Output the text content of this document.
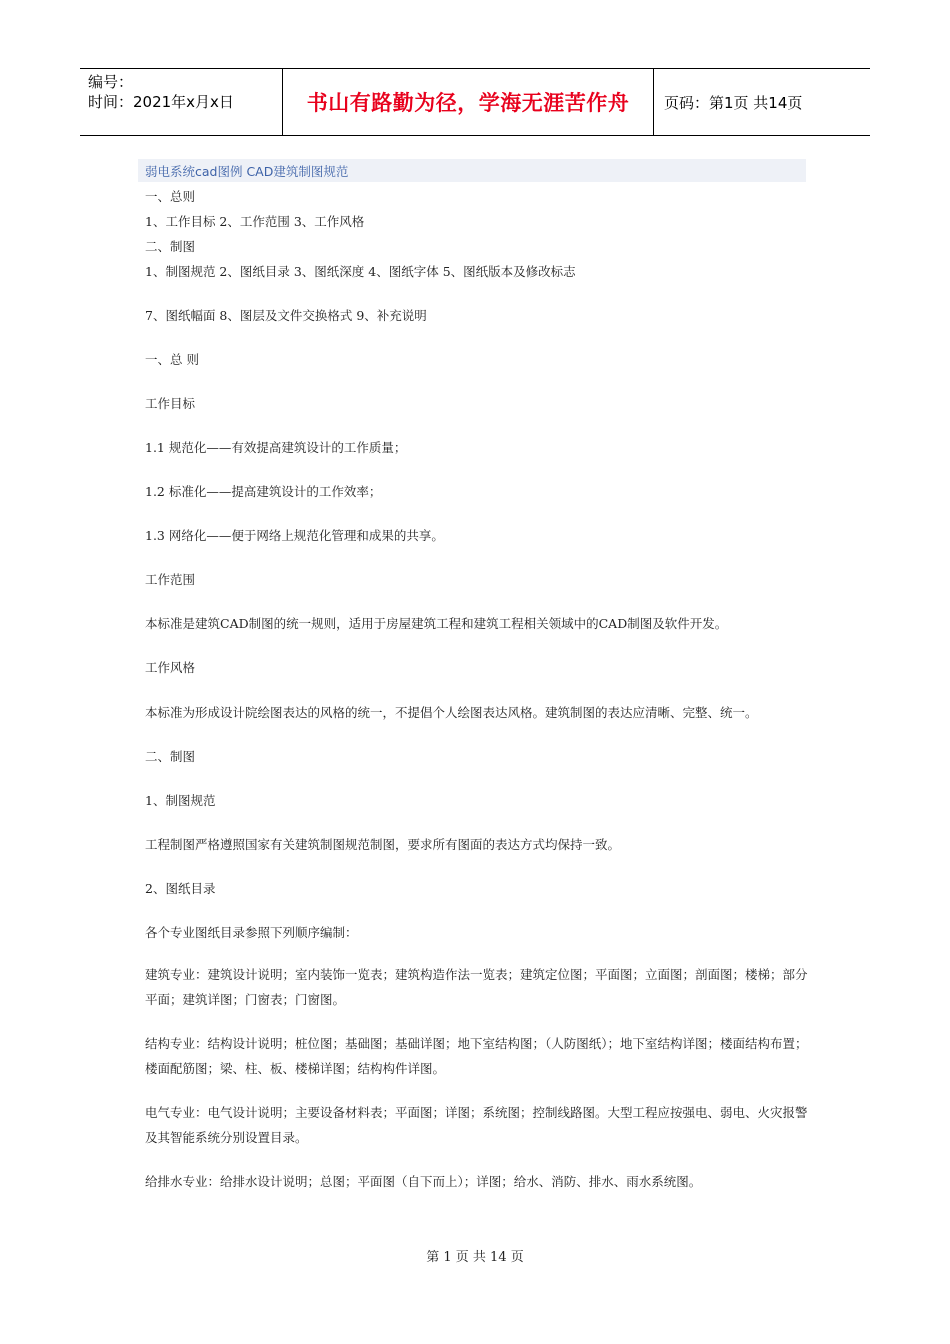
编号：
时间：2021年x月x日	书山有路勤为径，学海无涯苦作舟	页码：第1页 共14页
弱电系统cad图例 CAD建筑制图规范
一、总则
1、工作目标 2、工作范围 3、工作风格
二、制图
1、制图规范 2、图纸目录 3、图纸深度 4、图纸字体 5、图纸版本及修改标志
7、图纸幅面 8、图层及文件交换格式 9、补充说明
一、总 则
工作目标
1.1 规范化——有效提高建筑设计的工作质量；
1.2 标准化——提高建筑设计的工作效率；
1.3 网络化——便于网络上规范化管理和成果的共享。
工作范围
本标准是建筑CAD制图的统一规则，适用于房屋建筑工程和建筑工程相关领域中的CAD制图及软件开发。
工作风格
本标准为形成设计院绘图表达的风格的统一，不提倡个人绘图表达风格。建筑制图的表达应清晰、完整、统一。
二、制图
1、制图规范
工程制图严格遵照国家有关建筑制图规范制图，要求所有图面的表达方式均保持一致。
2、图纸目录
各个专业图纸目录参照下列顺序编制：
建筑专业：建筑设计说明；室内装饰一览表；建筑构造作法一览表；建筑定位图；平面图；立面图；剖面图；楼梯；部分平面；建筑详图；门窗表；门窗图。
结构专业：结构设计说明；桩位图；基础图；基础详图；地下室结构图；（人防图纸）；地下室结构详图；楼面结构布置；楼面配筋图；梁、柱、板、楼梯详图；结构构件详图。
电气专业：电气设计说明；主要设备材料表；平面图；详图；系统图；控制线路图。大型工程应按强电、弱电、火灾报警及其智能系统分别设置目录。
给排水专业：给排水设计说明；总图；平面图（自下而上）；详图；给水、消防、排水、雨水系统图。
第 1 页 共 14 页
